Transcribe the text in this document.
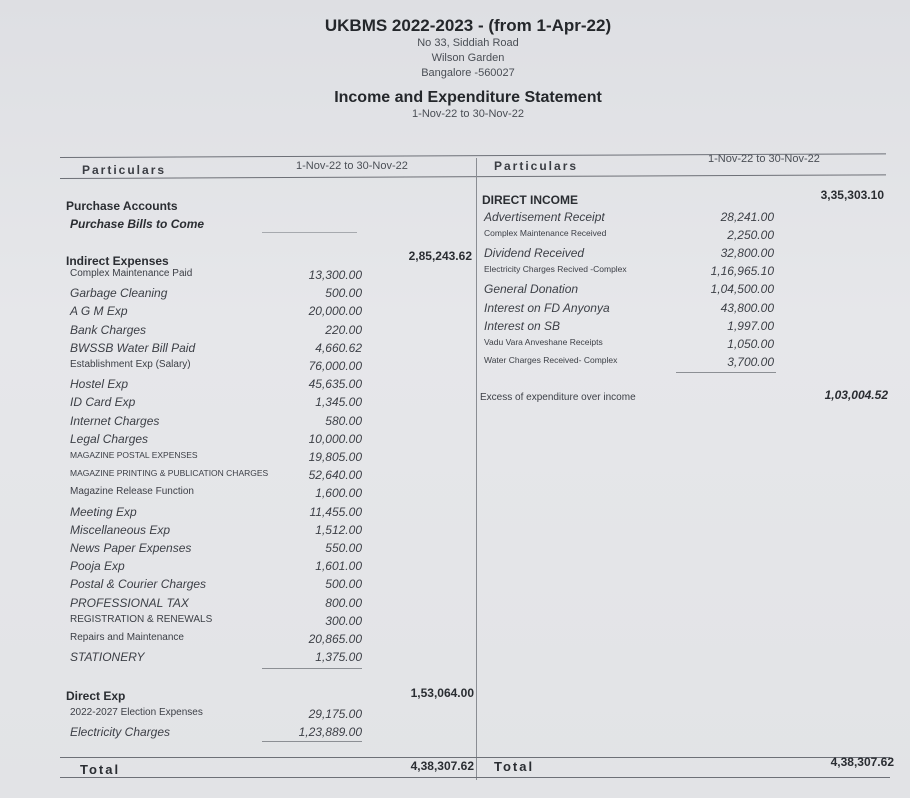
UKBMS 2022-2023 - (from 1-Apr-22)
No 33, Siddiah Road
Wilson Garden
Bangalore -560027
Income and Expenditure Statement
1-Nov-22 to 30-Nov-22
Particulars	1-Nov-22 to 30-Nov-22	Particulars	1-Nov-22 to 30-Nov-22
Purchase Accounts
Purchase Bills to Come
Indirect Expenses	2,85,243.62
Complex Maintenance Paid	13,300.00
Garbage Cleaning	500.00
A G M Exp	20,000.00
Bank Charges	220.00
BWSSB Water Bill Paid	4,660.62
Establishment Exp (Salary)	76,000.00
Hostel Exp	45,635.00
ID Card Exp	1,345.00
Internet Charges	580.00
Legal Charges	10,000.00
MAGAZINE POSTAL EXPENSES	19,805.00
MAGAZINE PRINTING & PUBLICATION CHARGES	52,640.00
Magazine Release Function	1,600.00
Meeting Exp	11,455.00
Miscellaneous Exp	1,512.00
News Paper Expenses	550.00
Pooja Exp	1,601.00
Postal & Courier Charges	500.00
PROFESSIONAL TAX	800.00
REGISTRATION & RENEWALS	300.00
Repairs and Maintenance	20,865.00
STATIONERY	1,375.00
Direct Exp	1,53,064.00
2022-2027 Election Expenses	29,175.00
Electricity Charges	1,23,889.00
DIRECT INCOME	3,35,303.10
Advertisement Receipt	28,241.00
Complex Maintenance Received	2,250.00
Dividend Received	32,800.00
Electricity Charges Recived -Complex	1,16,965.10
General Donation	1,04,500.00
Interest on FD Anyonya	43,800.00
Interest on SB	1,997.00
Vadu Vara Anveshane Receipts	1,050.00
Water Charges Received- Complex	3,700.00
Excess of expenditure over income	1,03,004.52
Total	4,38,307.62 Total	4,38,307.62
